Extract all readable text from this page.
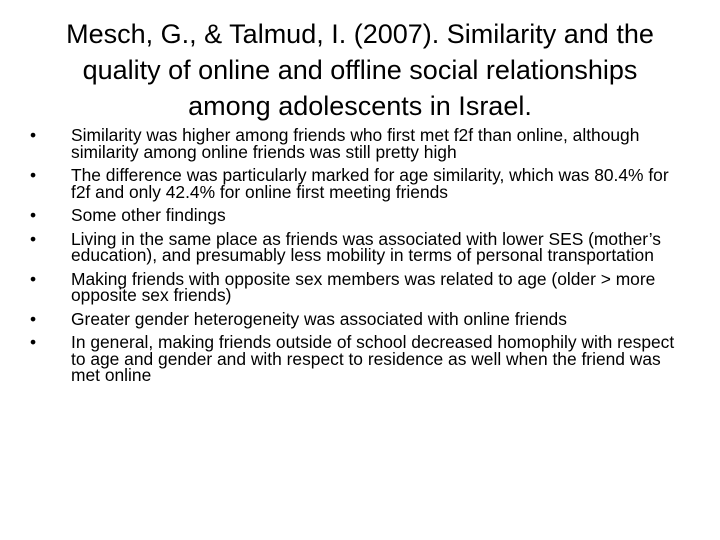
Mesch, G., & Talmud, I. (2007). Similarity and the
quality of online and offline social relationships
among adolescents in Israel.
•	Similarity was higher among friends who first met f2f than online, although similarity among online friends was still pretty high
•	The difference was particularly marked for age similarity, which was 80.4% for f2f and only 42.4% for online first meeting friends
•	Some other findings
•	Living in the same place as friends was associated with lower SES (mother’s education), and presumably less mobility in terms of personal transportation
•	Making friends with opposite sex members was related to age (older > more opposite sex friends)
•	Greater gender heterogeneity was associated with online friends
•	In general, making friends outside of school decreased homophily with respect to age and gender and with respect to residence as well when the friend was met online
